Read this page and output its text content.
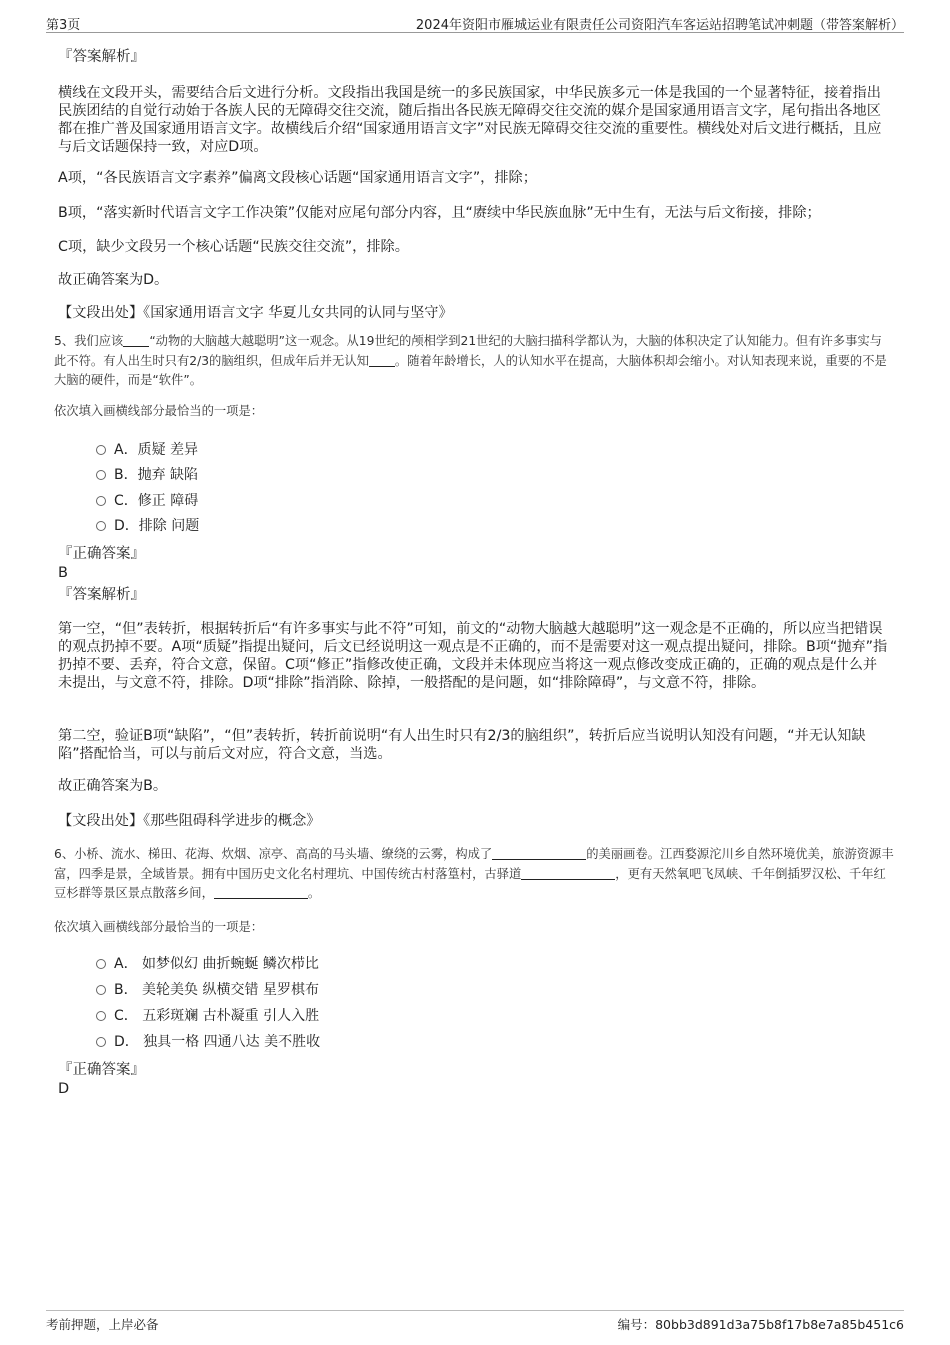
第3页	2024年资阳市雁城运业有限责任公司资阳汽车客运站招聘笔试冲刺题（带答案解析）
『答案解析』
横线在文段开头，需要结合后文进行分析。文段指出我国是统一的多民族国家，中华民族多元一体是我国的一个显著特征，接着指出民族团结的自觉行动始于各族人民的无障碍交往交流，随后指出各民族无障碍交往交流的媒介是国家通用语言文字，尾句指出各地区都在推广普及国家通用语言文字。故横线后介绍“国家通用语言文字”对民族无障碍交往交流的重要性。横线处对后文进行概括，且应与后文话题保持一致，对应D项。
A项，“各民族语言文字素养”偏离文段核心话题“国家通用语言文字”，排除；
B项，“落实新时代语言文字工作决策”仅能对应尾句部分内容，且“赓续中华民族血脉”无中生有，无法与后文衔接，排除；
C项，缺少文段另一个核心话题“民族交往交流”，排除。
故正确答案为D。
【文段出处】《国家通用语言文字 华夏儿女共同的认同与坚守》
5、我们应该 “动物的大脑越大越聪明”这一观念。从19世纪的颅相学到21世纪的大脑扫描科学都认为，大脑的体积决定了认知能力。但有许多事实与此不符。有人出生时只有2/3的脑组织，但成年后并无认知 。随着年龄增长，人的认知水平在提高，大脑体积却会缩小。对认知表现来说，重要的不是大脑的硬件，而是“软件”。
依次填入画横线部分最恰当的一项是：
A．质疑 差异
B．抛弃 缺陷
C．修正 障碍
D．排除 问题
『正确答案』
B
『答案解析』
第一空，“但”表转折，根据转折后“有许多事实与此不符”可知，前文的“动物大脑越大越聪明”这一观念是不正确的，所以应当把错误的观点扔掉不要。A项“质疑”指提出疑问，后文已经说明这一观点是不正确的，而不是需要对这一观点提出疑问，排除。B项“抛弃”指扔掉不要、丢弃，符合文意，保留。C项“修正”指修改使正确，文段并未体现应当将这一观点修改变成正确的，正确的观点是什么并未提出，与文意不符，排除。D项“排除”指消除、除掉，一般搭配的是问题，如“排除障碍”，与文意不符，排除。
第二空，验证B项“缺陷”，“但”表转折，转折前说明“有人出生时只有2/3的脑组织”，转折后应当说明认知没有问题，“并无认知缺陷”搭配恰当，可以与前后文对应，符合文意，当选。
故正确答案为B。
【文段出处】《那些阻碍科学进步的概念》
6、小桥、流水、梯田、花海、炊烟、凉亭、高高的马头墙、缭绕的云雾，构成了	的美丽画卷。江西婺源沱川乡自然环境优美，旅游资源丰富，四季是景，全域皆景。拥有中国历史文化名村理坑、中国传统古村落篁村，古驿道	，更有天然氧吧飞凤峡、千年倒插罗汉松、千年红豆杉群等景区景点散落乡间，	。
依次填入画横线部分最恰当的一项是：
A． 如梦似幻 曲折蜿蜒 鳞次栉比
B． 美轮美奂 纵横交错 星罗棋布
C． 五彩斑斓 古朴凝重 引人入胜
D． 独具一格 四通八达 美不胜收
『正确答案』
D
考前押题，上岸必备	编号：80bb3d891d3a75b8f17b8e7a85b451c6
